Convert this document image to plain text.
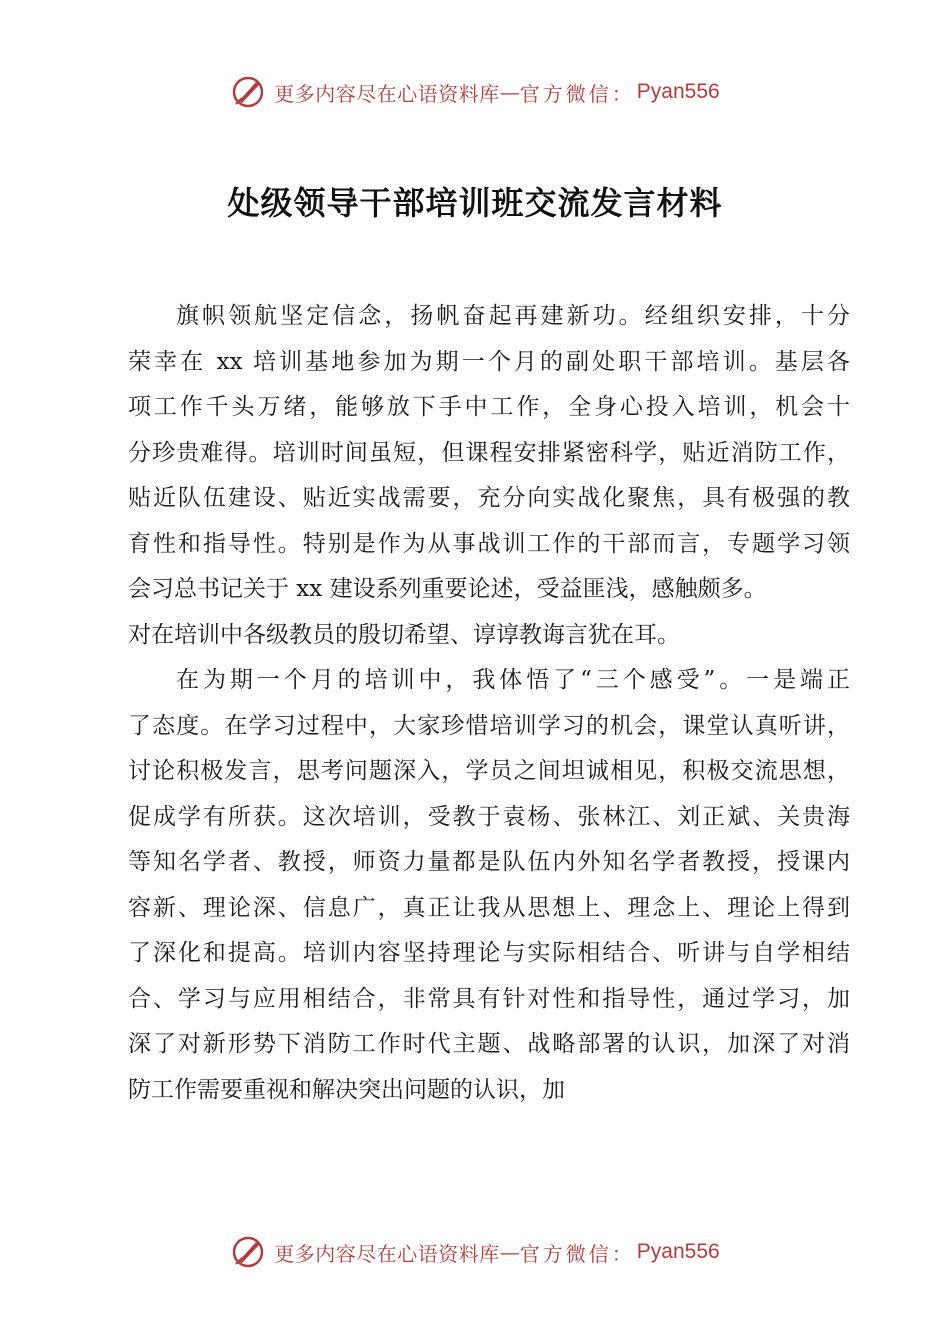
更多内容尽在心语资料库 — 官方微信： Pyan556
处级领导干部培训班交流发言材料
旗帜领航坚定信念，扬帆奋起再建新功。经组织安排，十分
荣幸在 xx 培训基地参加为期一个月的副处职干部培训。基层各
项工作千头万绪，能够放下手中工作，全身心投入培训，机会十
分珍贵难得。培训时间虽短，但课程安排紧密科学，贴近消防工作，
贴近队伍建设、贴近实战需要，充分向实战化聚焦，具有极强的教
育性和指导性。特别是作为从事战训工作的干部而言，专题学习领
会习总书记关于 xx 建设系列重要论述，受益匪浅，感触颇多。
对在培训中各级教员的殷切希望、谆谆教诲言犹在耳。
在为期一个月的培训中，我体悟了“三个感受”。一是端正
了态度。在学习过程中，大家珍惜培训学习的机会，课堂认真听讲，
讨论积极发言，思考问题深入，学员之间坦诚相见，积极交流思想，
促成学有所获。这次培训，受教于袁杨、张林江、刘正斌、关贵海
等知名学者、教授，师资力量都是队伍内外知名学者教授，授课内
容新、理论深、信息广，真正让我从思想上、理念上、理论上得到
了深化和提高。培训内容坚持理论与实际相结合、听讲与自学相结
合、学习与应用相结合，非常具有针对性和指导性，通过学习，加
深了对新形势下消防工作时代主题、战略部署的认识，加深了对消
防工作需要重视和解决突出问题的认识，加
更多内容尽在心语资料库 — 官方微信： Pyan556
